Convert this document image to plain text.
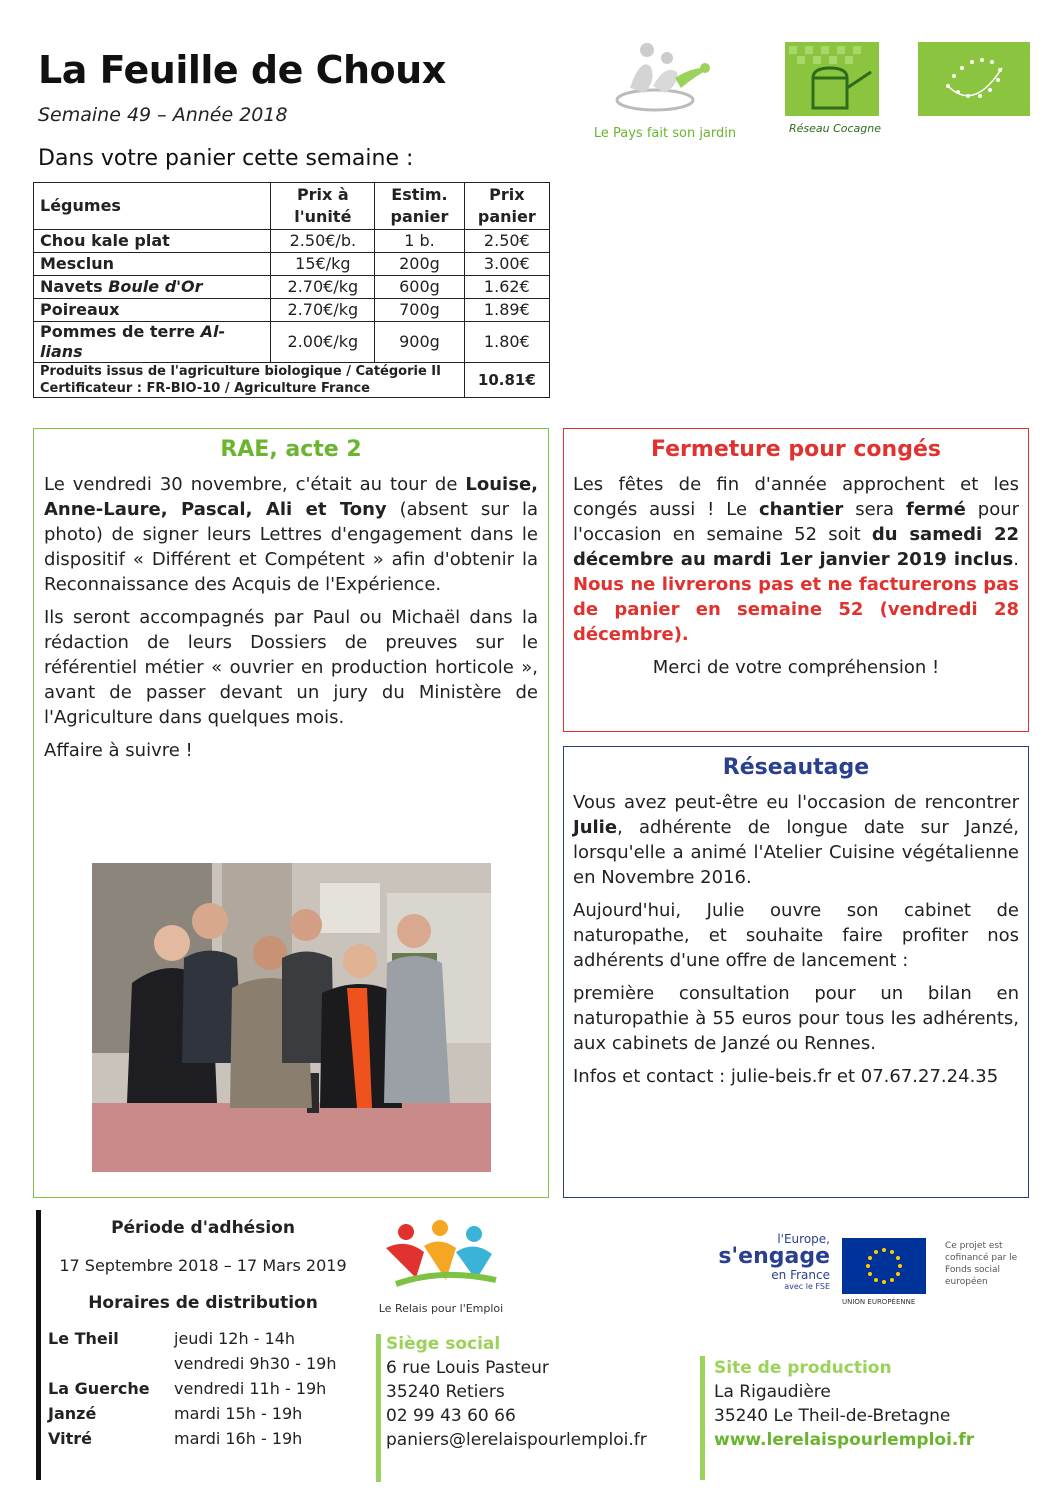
La Feuille de Choux
Semaine 49 – Année 2018
Dans votre panier cette semaine :
Le Pays fait son jardin	Réseau Cocagne
Légumes	Prix à l'unité	Estim. panier	Prix panier
Chou kale plat	2.50€/b.	1 b.	2.50€
Mesclun	15€/kg	200g	3.00€
Navets Boule d'Or	2.70€/kg	600g	1.62€
Poireaux	2.70€/kg	700g	1.89€
Pommes de terre Al-lians	2.00€/kg	900g	1.80€

Produits issus de l'agriculture biologique / Catégorie II
Certificateur : FR-BIO-10 / Agriculture France			10.81€
RAE, acte 2

Le vendredi 30 novembre, c'était au tour de Louise, Anne-Laure, Pascal, Ali et Tony (absent sur la photo) de signer leurs Lettres d'engagement dans le dispositif « Différent et Compétent » afin d'obtenir la Reconnaissance des Acquis de l'Expérience.

Ils seront accompagnés par Paul ou Michaël dans la rédaction de leurs Dossiers de preuves sur le référentiel métier « ouvrier en production horticole », avant de passer devant un jury du Ministère de l'Agriculture dans quelques mois.

Affaire à suivre !

Fermeture pour congés

Les fêtes de fin d'année approchent et les congés aussi ! Le chantier sera fermé pour l'occasion en semaine 52 soit du samedi 22 décembre au mardi 1er janvier 2019 inclus. Nous ne livrerons pas et ne facturerons pas de panier en semaine 52 (vendredi 28 décembre).

Merci de votre compréhension !

Réseautage

Vous avez peut-être eu l'occasion de rencontrer Julie, adhérente de longue date sur Janzé, lorsqu'elle a animé l'Atelier Cuisine végétalienne en Novembre 2016.

Aujourd'hui, Julie ouvre son cabinet de naturopathe, et souhaite faire profiter nos adhérents d'une offre de lancement :

première consultation pour un bilan en naturopathie à 55 euros pour tous les adhérents, aux cabinets de Janzé ou Rennes.

Infos et contact : julie-beis.fr et 07.67.27.24.35

Période d'adhésion
17 Septembre 2018 – 17 Mars 2019
Horaires de distribution
Le Theil	jeudi 12h - 14h
vendredi 9h30 - 19h
La Guerche	vendredi 11h - 19h
Janzé	mardi 15h - 19h
Vitré	mardi 16h - 19h
Le Relais pour l'Emploi
Siège social
6 rue Louis Pasteur
35240 Retiers
02 99 43 60 66
paniers@lerelaispourlemploi.fr
l'Europe,
s'engage
en France
avec le FSE
UNION EUROPÉENNE
Ce projet est cofinancé par le Fonds social européen
Site de production
La Rigaudière
35240 Le Theil-de-Bretagne
www.lerelaispourlemploi.fr
